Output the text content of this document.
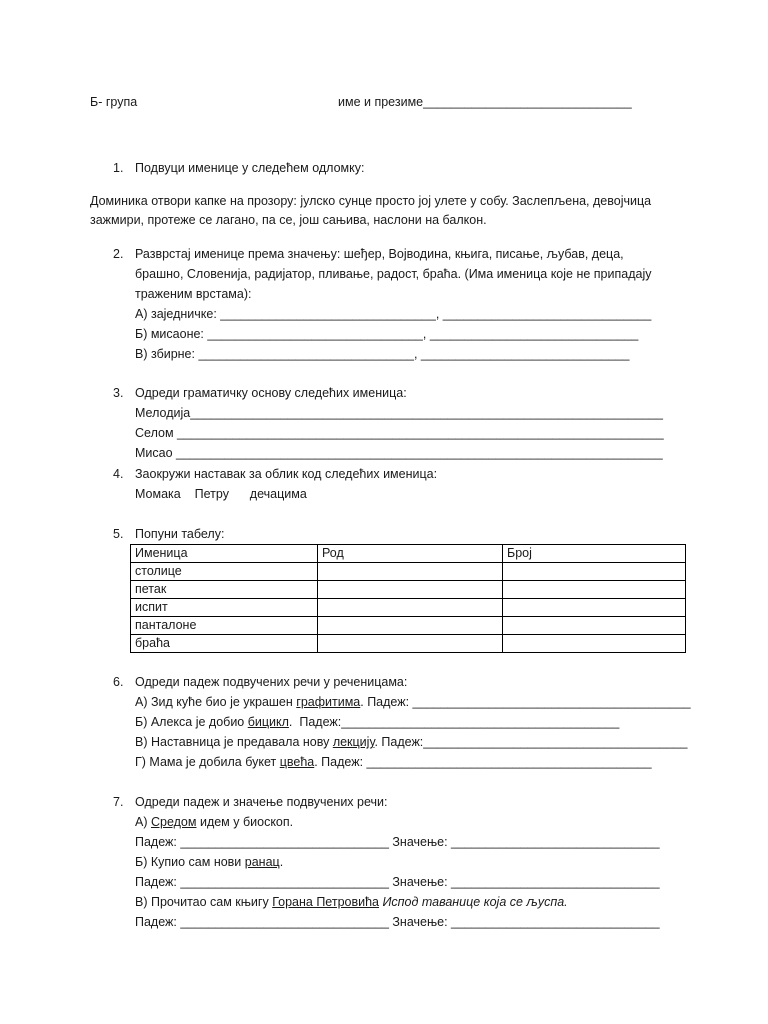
Б- група	име и презиме______________________________
1. Подвуци именице у следећем одломку:
Доминика отвори капке на прозору: јулско сунце просто јој улете у собу. Заслепљена, девојчица
зажмири, протеже се лагано, па се, још сањива, наслони на балкон.
2. Разврстај именице према значењу: шеђер, Војводина, књига, писање, љубав, деца,
брашно, Словенија, радијатор, пливање, радост, браћа. (Има именица које не припадају
траженим врстама):
А) заједничке: _______________________________, ______________________________
Б) мисаоне: _______________________________, ______________________________
В) збирне: _______________________________, ______________________________
3. Одреди граматичку основу следећих именица:
Мелодија____________________________________________________________________
Селом ______________________________________________________________________
Мисао ______________________________________________________________________
4. Заокружи наставак за облик код следећих именица:
Момака    Петру      дечацима
5. Попуни табелу:
Именица	Род	Број
столице		
петак		
испит		
панталоне		
браћа		
6. Одреди падеж подвучених речи у реченицама:
А) Зид куће био је украшен графитима. Падеж: ________________________________________
Б) Алекса је добио бицикл.  Падеж:________________________________________
В) Наставница је предавала нову лекцију. Падеж:______________________________________
Г) Мама је добила букет цвећа. Падеж: _________________________________________
7. Одреди падеж и значење подвучених речи:
А) Средом идем у биоскоп.
Падеж: ______________________________ Значење: ______________________________
Б) Купио сам нови ранац.
Падеж: ______________________________ Значење: ______________________________
В) Прочитао сам књигу Горана Петровића Испод таванице која се љуспа.
Падеж: ______________________________ Значење: ______________________________
